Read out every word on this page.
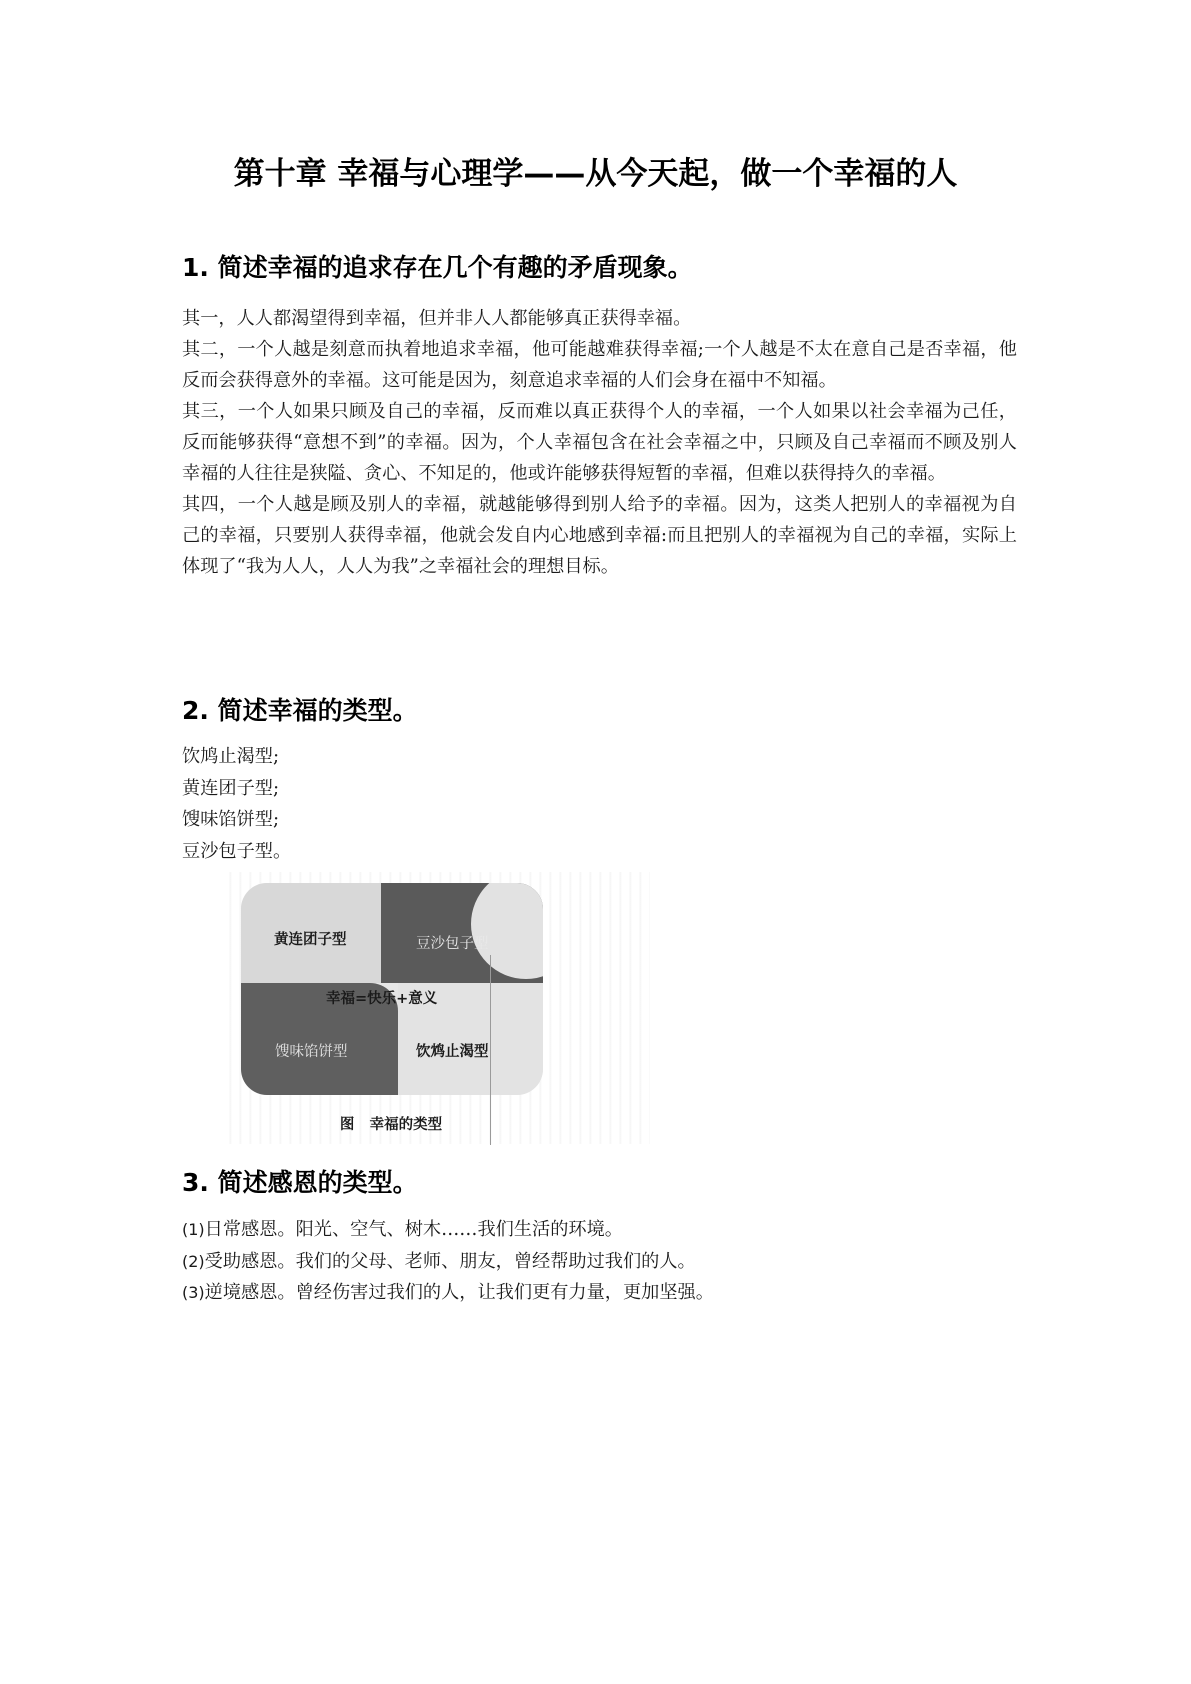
第十章 幸福与心理学——从今天起，做一个幸福的人
1. 简述幸福的追求存在几个有趣的矛盾现象。

其一，人人都渴望得到幸福，但并非人人都能够真正获得幸福。

其二，一个人越是刻意而执着地追求幸福，他可能越难获得幸福;一个人越是不太在意自己是否幸福，他反而会获得意外的幸福。这可能是因为，刻意追求幸福的人们会身在福中不知福。

其三，一个人如果只顾及自己的幸福，反而难以真正获得个人的幸福，一个人如果以社会幸福为己任，反而能够获得“意想不到”的幸福。因为，个人幸福包含在社会幸福之中，只顾及自己幸福而不顾及别人幸福的人往往是狭隘、贪心、不知足的，他或许能够获得短暂的幸福，但难以获得持久的幸福。

其四，一个人越是顾及别人的幸福，就越能够得到别人给予的幸福。因为，这类人把别人的幸福视为自己的幸福，只要别人获得幸福，他就会发自内心地感到幸福:而且把别人的幸福视为自己的幸福，实际上体现了“我为人人，人人为我”之幸福社会的理想目标。

2. 简述幸福的类型。
饮鸠止渴型;
黄连团子型;
馊味馅饼型;
豆沙包子型。
黄连团子型	豆沙包子型
幸福=快乐+意义
馊味馅饼型	饮鸩止渴型
图   幸福的类型
3. 简述感恩的类型。
(1)日常感恩。阳光、空气、树木……我们生活的环境。
(2)受助感恩。我们的父母、老师、朋友，曾经帮助过我们的人。
(3)逆境感恩。曾经伤害过我们的人，让我们更有力量，更加坚强。
